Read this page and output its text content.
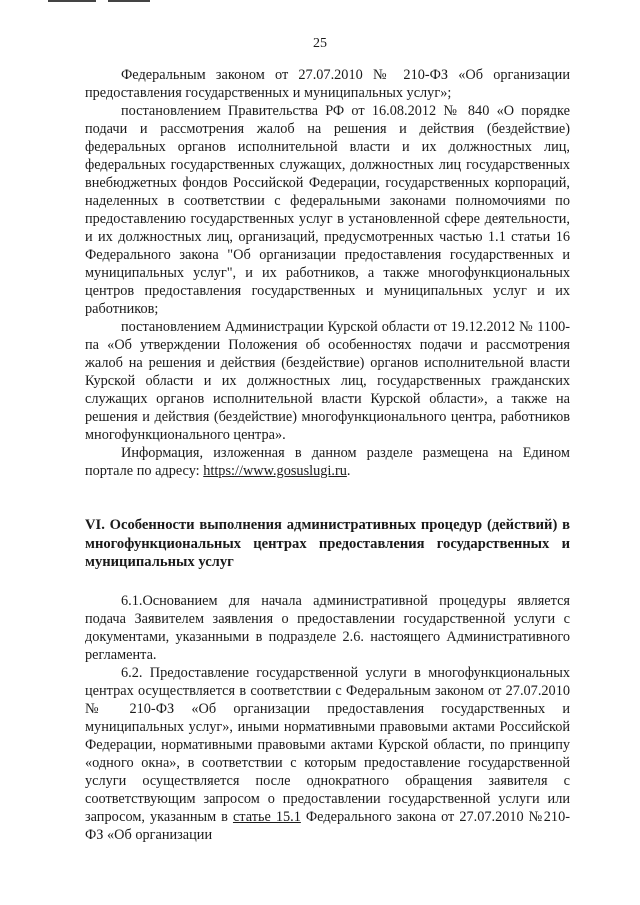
25

Федеральным законом от 27.07.2010 № 210-ФЗ «Об организации предоставления государственных и муниципальных услуг»;

постановлением Правительства РФ от 16.08.2012 № 840 «О порядке подачи и рассмотрения жалоб на решения и действия (бездействие) федеральных органов исполнительной власти и их должностных лиц, федеральных государственных служащих, должностных лиц государственных внебюджетных фондов Российской Федерации, государственных корпораций, наделенных в соответствии с федеральными законами полномочиями по предоставлению государственных услуг в установленной сфере деятельности, и их должностных лиц, организаций, предусмотренных частью 1.1 статьи 16 Федерального закона "Об организации предоставления государственных и муниципальных услуг", и их работников, а также многофункциональных центров предоставления государственных и муниципальных услуг и их работников;

постановлением Администрации Курской области от 19.12.2012 № 1100-па «Об утверждении Положения об особенностях подачи и рассмотрения жалоб на решения и действия (бездействие) органов исполнительной власти Курской области и их должностных лиц, государственных гражданских служащих органов исполнительной власти Курской области», а также на решения и действия (бездействие) многофункционального центра, работников многофункционального центра».

Информация, изложенная в данном разделе размещена на Едином портале по адресу: https://www.gosuslugi.ru.

VI. Особенности выполнения административных процедур (действий) в многофункциональных центрах предоставления государственных и муниципальных услуг

6.1.Основанием для начала административной процедуры является подача Заявителем заявления о предоставлении государственной услуги с документами, указанными в подразделе 2.6. настоящего Административного регламента.

6.2. Предоставление государственной услуги в многофункциональных центрах осуществляется в соответствии с Федеральным законом от 27.07.2010 № 210-ФЗ «Об организации предоставления государственных и муниципальных услуг», иными нормативными правовыми актами Российской Федерации, нормативными правовыми актами Курской области, по принципу «одного окна», в соответствии с которым предоставление государственной услуги осуществляется после однократного обращения заявителя с соответствующим запросом о предоставлении государственной услуги или запросом, указанным в статье 15.1 Федерального закона от 27.07.2010 №210-ФЗ «Об организации
